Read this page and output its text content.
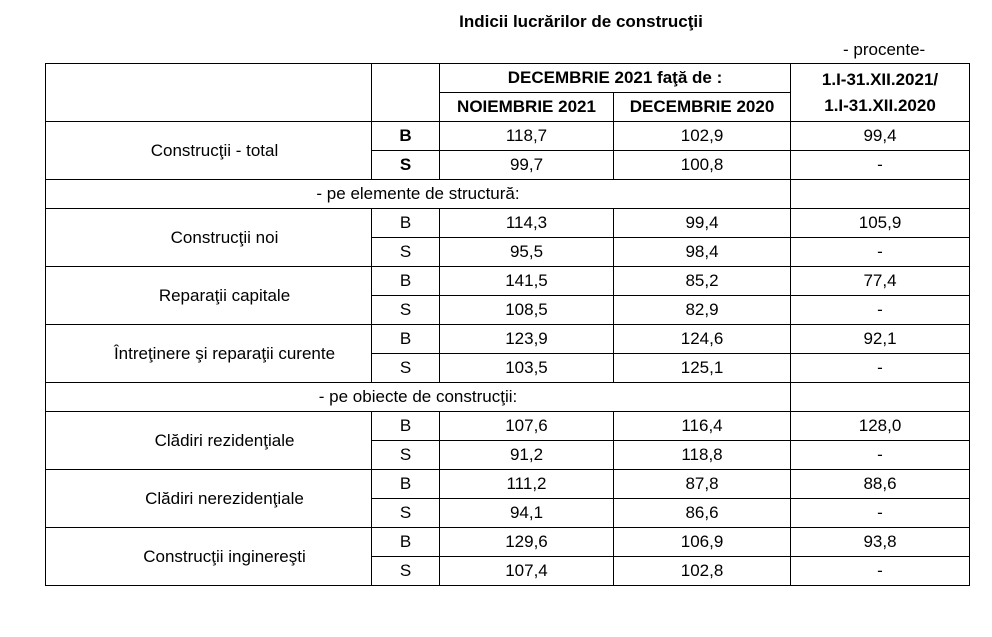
Indicii lucrărilor de construcţii
- procente-
		DECEMBRIE 2021 faţă de :		1.I-31.XII.2021/
1.I-31.XII.2020

		NOIEMBRIE 2021	DECEMBRIE 2020	
Construcţii - total	B	118,7	102,9	99,4
	S	99,7	100,8	-
- pe elemente de structură:				
Construcţii noi	B	114,3	99,4	105,9
	S	95,5	98,4	-
Reparaţii capitale	B	141,5	85,2	77,4
	S	108,5	82,9	-
Întreţinere şi reparaţii curente	B	123,9	124,6	92,1
	S	103,5	125,1	-
- pe obiecte de construcţii:				
Clădiri rezidenţiale	B	107,6	116,4	128,0
	S	91,2	118,8	-
Clădiri nerezidenţiale	B	111,2	87,8	88,6
	S	94,1	86,6	-
Construcţii inginereşti	B	129,6	106,9	93,8
	S	107,4	102,8	-
